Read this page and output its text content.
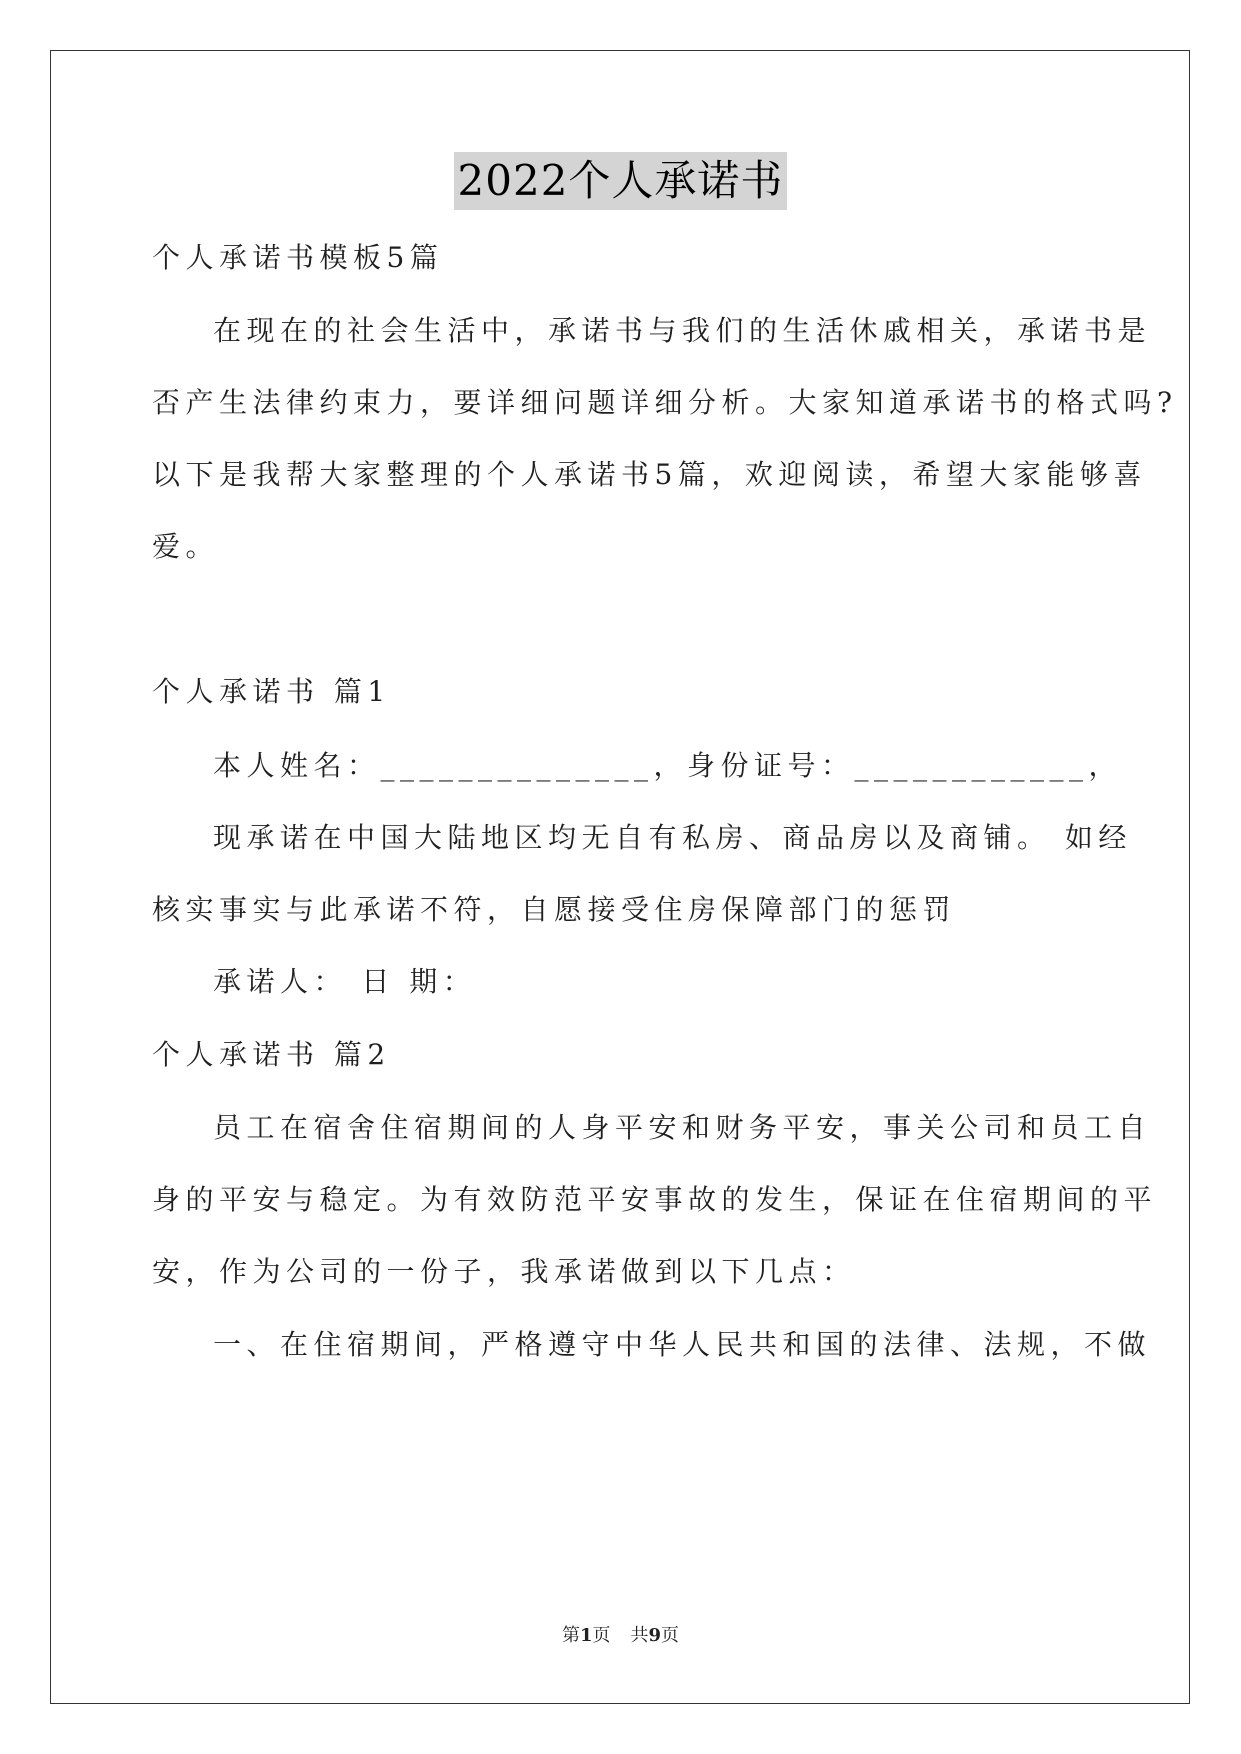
2022个人承诺书
个人承诺书模板5篇
在现在的社会生活中，承诺书与我们的生活休戚相关，承诺书是
否产生法律约束力，要详细问题详细分析。大家知道承诺书的格式吗?
以下是我帮大家整理的个人承诺书5篇，欢迎阅读，希望大家能够喜
爱。
个人承诺书 篇1
本人姓名：______________，身份证号：____________，
现承诺在中国大陆地区均无自有私房、商品房以及商铺。 如经
核实事实与此承诺不符，自愿接受住房保障部门的惩罚
承诺人： 日 期：
个人承诺书 篇2
员工在宿舍住宿期间的人身平安和财务平安，事关公司和员工自
身的平安与稳定。为有效防范平安事故的发生，保证在住宿期间的平
安，作为公司的一份子，我承诺做到以下几点：
一、在住宿期间，严格遵守中华人民共和国的法律、法规，不做
第1页 共9页
